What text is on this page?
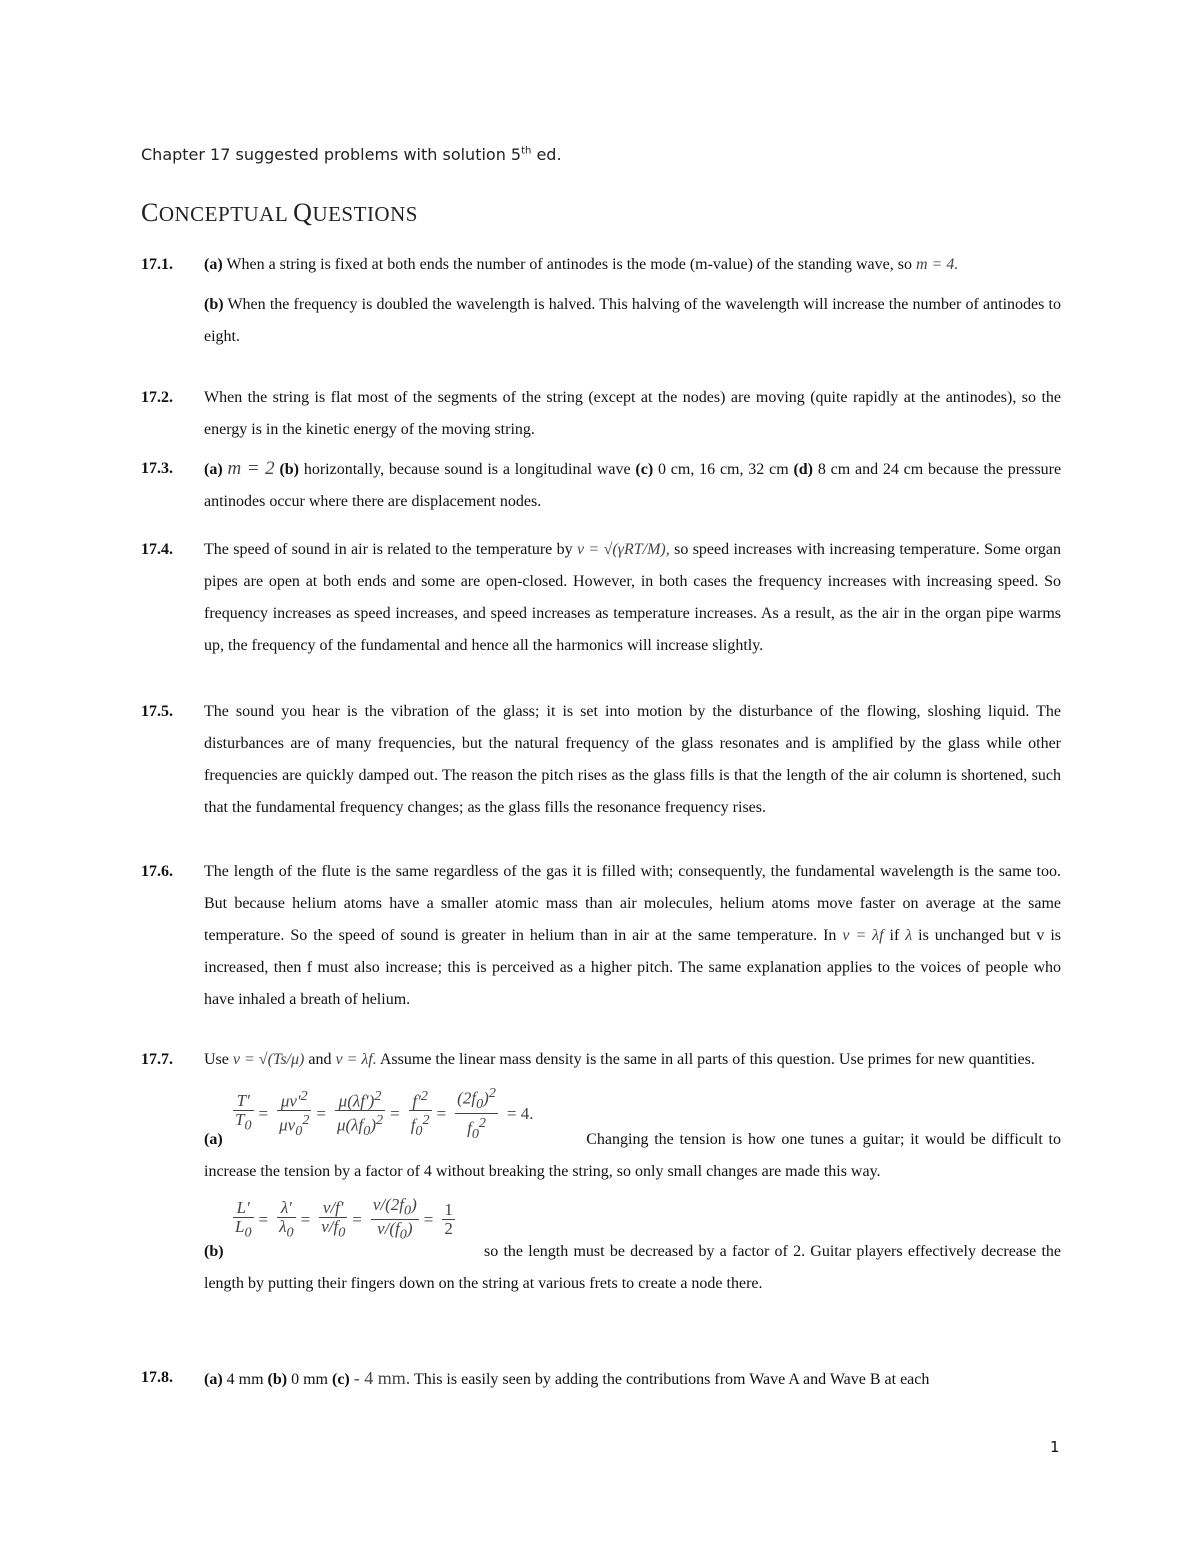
Chapter 17 suggested problems with solution 5th ed.
CONCEPTUAL QUESTIONS
17.1.	(a) When a string is fixed at both ends the number of antinodes is the mode (m-value) of the standing wave, so m = 4.

(b) When the frequency is doubled the wavelength is halved. This halving of the wavelength will increase the number of antinodes to eight.

17.2.	When the string is flat most of the segments of the string (except at the nodes) are moving (quite rapidly at the antinodes), so the energy is in the kinetic energy of the moving string.

17.3.	(a) m = 2 (b) horizontally, because sound is a longitudinal wave (c) 0 cm, 16 cm, 32 cm (d) 8 cm and 24 cm because the pressure antinodes occur where there are displacement nodes.

17.4.	The speed of sound in air is related to the temperature by v = √(γRT/M), so speed increases with increasing temperature. Some organ pipes are open at both ends and some are open-closed. However, in both cases the frequency increases with increasing speed. So frequency increases as speed increases, and speed increases as temperature increases. As a result, as the air in the organ pipe warms up, the frequency of the fundamental and hence all the harmonics will increase slightly.

17.5.	The sound you hear is the vibration of the glass; it is set into motion by the disturbance of the flowing, sloshing liquid. The disturbances are of many frequencies, but the natural frequency of the glass resonates and is amplified by the glass while other frequencies are quickly damped out. The reason the pitch rises as the glass fills is that the length of the air column is shortened, such that the fundamental frequency changes; as the glass fills the resonance frequency rises.

17.6.	The length of the flute is the same regardless of the gas it is filled with; consequently, the fundamental wavelength is the same too. But because helium atoms have a smaller atomic mass than air molecules, helium atoms move faster on average at the same temperature. So the speed of sound is greater in helium than in air at the same temperature. In v = λf if λ is unchanged but v is increased, then f must also increase; this is perceived as a higher pitch. The same explanation applies to the voices of people who have inhaled a breath of helium.

17.7.	Use v = √(Ts/μ) and v = λf. Assume the linear mass density is the same in all parts of this question. Use primes for new quantities.

$\frac{T'}{T_0} = \frac{\mu v'^2}{\mu v_0^2} = \frac{\mu(\lambda f')^2}{\mu(\lambda f_0)^2} = \frac{f'^2}{f_0^2} = \frac{(2f_0)^2}{f_0^2} = 4$.

(a)	Changing the tension is how one tunes a guitar; it would be difficult to increase the tension by a factor of 4 without breaking the string, so only small changes are made this way.

$\frac{L'}{L_0} = \frac{\lambda'}{\lambda_0} = \frac{v/f'}{v/f_0} = \frac{v/(2f_0)}{v/(f_0)} = \frac{1}{2}$

(b)	so the length must be decreased by a factor of 2. Guitar players effectively decrease the length by putting their fingers down on the string at various frets to create a node there.

17.8.	(a) 4 mm (b) 0 mm (c) - 4 mm. This is easily seen by adding the contributions from Wave A and Wave B at each

1
